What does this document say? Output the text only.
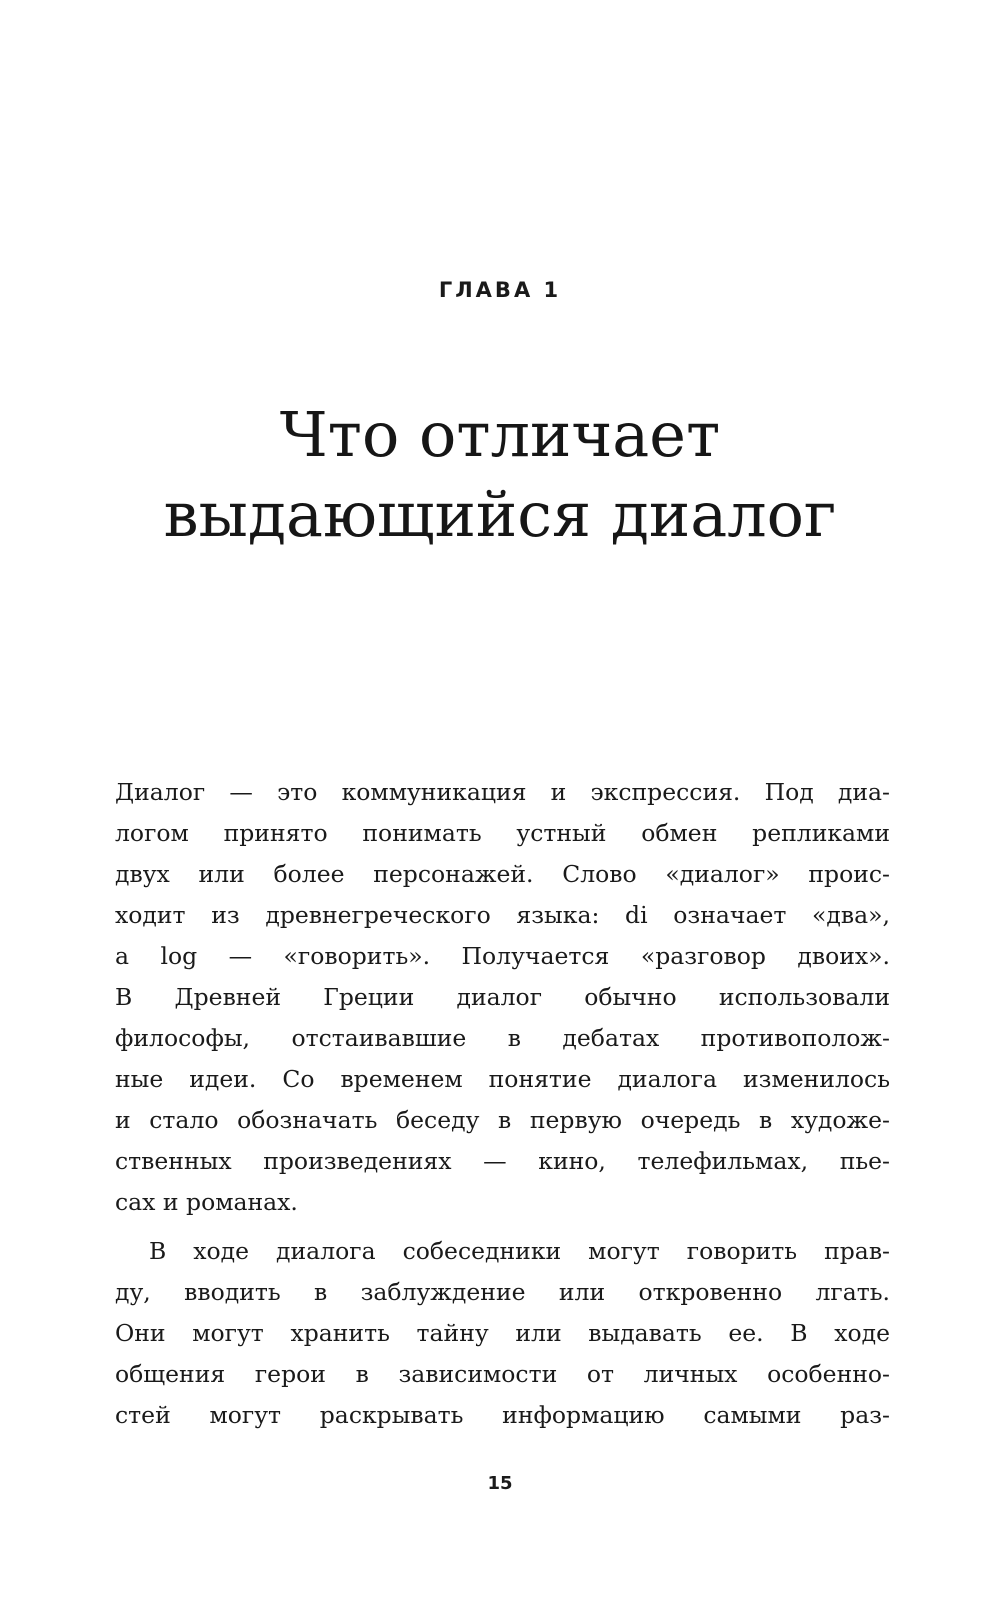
ГЛАВА 1
Что отличает
выдающийся диалог
Диалог — это коммуникация и экспрессия. Под диа-
логом принято понимать устный обмен репликами
двух или более персонажей. Слово «диалог» проис-
ходит из древнегреческого языка: di означает «два»,
a log — «говорить». Получается «разговор двоих».
В Древней Греции диалог обычно использовали
философы, отстаивавшие в дебатах противополож-
ные идеи. Со временем понятие диалога изменилось
и стало обозначать беседу в первую очередь в художе-
ственных произведениях — кино, телефильмах, пье-
сах и романах.
В ходе диалога собеседники могут говорить прав-
ду, вводить в заблуждение или откровенно лгать.
Они могут хранить тайну или выдавать ее. В ходе
общения герои в зависимости от личных особенно-
стей могут раскрывать информацию самыми раз-
15
